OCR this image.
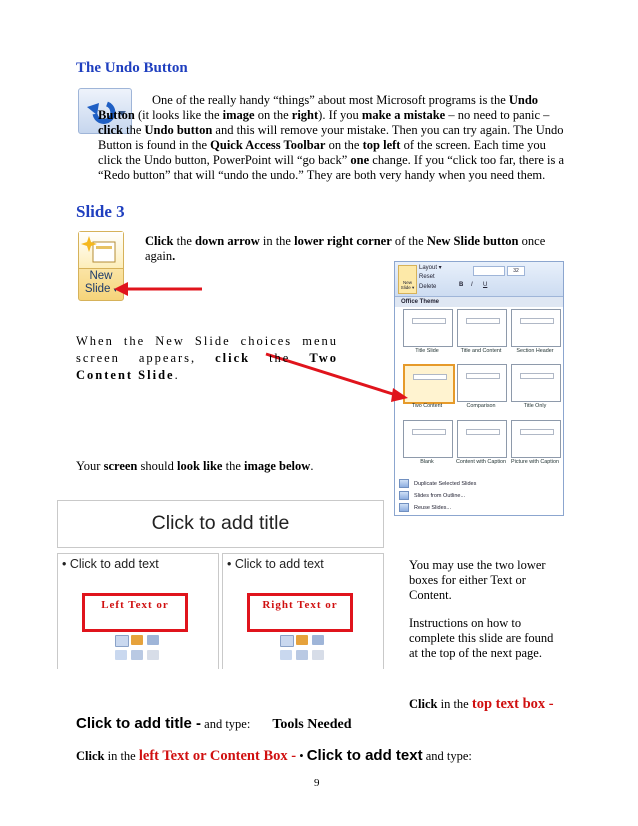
The Undo Button
One of the really handy “things” about most Microsoft programs is the Undo Button (it looks like the image on the right). If you make a mistake – no need to panic – click the Undo button and this will remove your mistake. Then you can try again. The Undo Button is found in the Quick Access Toolbar on the top left of the screen. Each time you click the Undo button, PowerPoint will “go back” one change. If you “click too far, there is a “Redo button” that will “undo the undo.” They are both very handy when you need them.
Slide 3
New
Slide ▾
Click the down arrow in the lower right corner of the New Slide button once again.
New Slide ▾
Layout ▾
Reset
Delete
32
B I U
Office Theme
Title Slide	Title and Content	Section Header
Two Content	Comparison	Title Only
Blank	Content with Caption Picture with Caption
Duplicate Selected Slides
Slides from Outline...
Reuse Slides...
When the New Slide choices menu screen appears, click the Two Content Slide.
Your screen should look like the image below.
Click to add title
• Click to add text
Left Text or
• Click to add text
Right Text or
You may use the two lower boxes for either Text or Content.
Instructions on how to complete this slide are found at the top of the next page.
Click in the top text box -
Click to add title - and type: Tools Needed
Click in the left Text or Content Box - • Click to add text and type:
9
